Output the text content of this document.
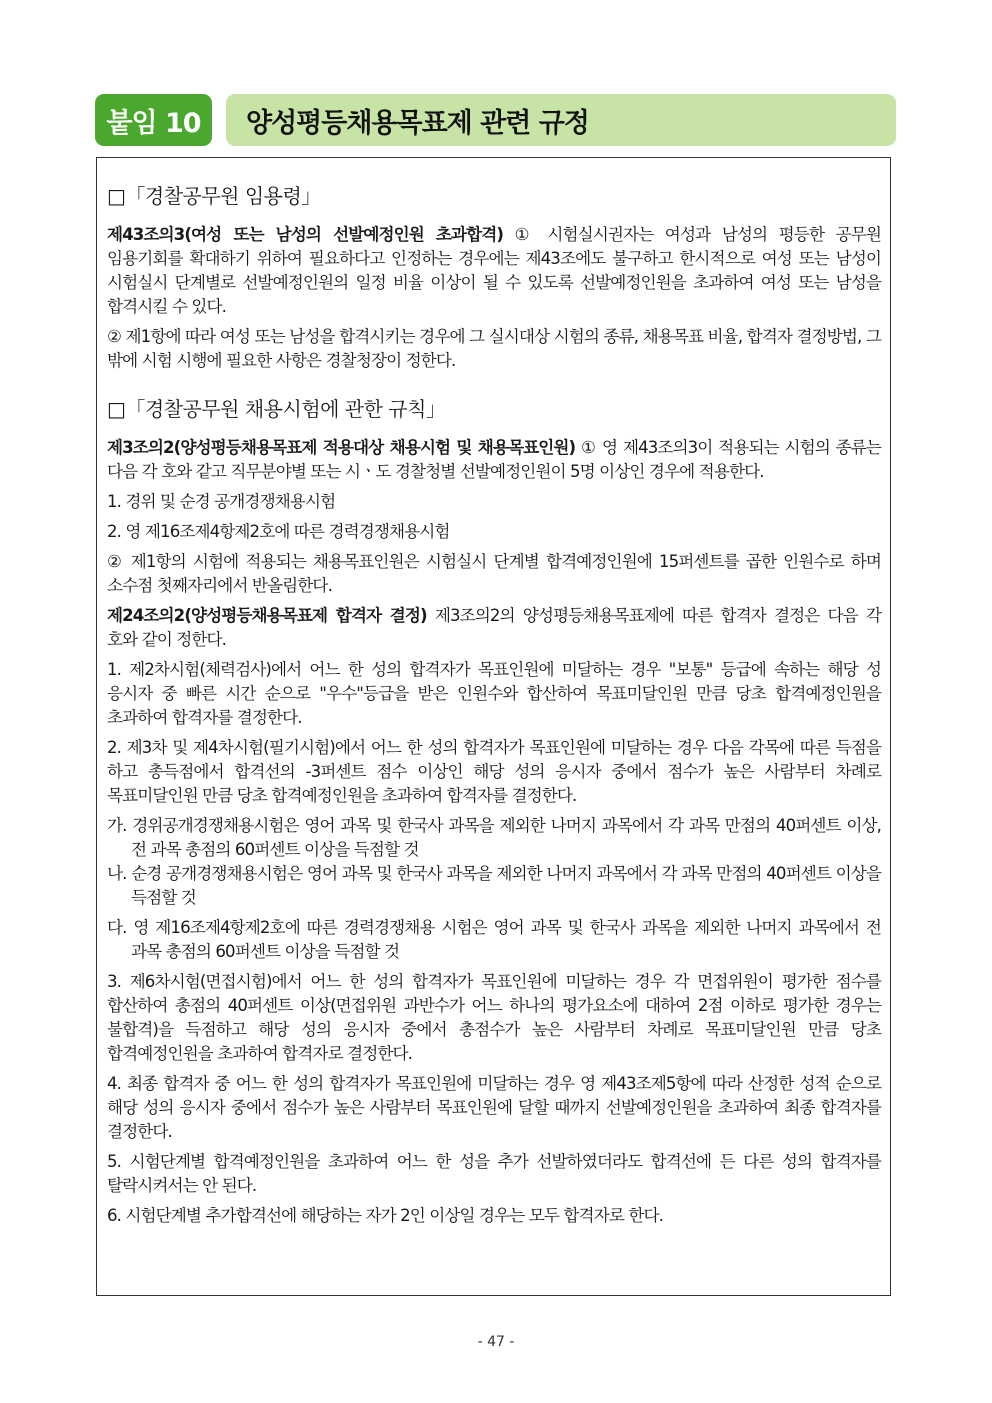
붙임 10	양성평등채용목표제 관련 규정
□「경찰공무원 임용령」

제43조의3(여성 또는 남성의 선발예정인원 초과합격) ① 시험실시권자는 여성과 남성의 평등한 공무원 임용기회를 확대하기 위하여 필요하다고 인정하는 경우에는 제43조에도 불구하고 한시적으로 여성 또는 남성이 시험실시 단계별로 선발예정인원의 일정 비율 이상이 될 수 있도록 선발예정인원을 초과하여 여성 또는 남성을 합격시킬 수 있다.

② 제1항에 따라 여성 또는 남성을 합격시키는 경우에 그 실시대상 시험의 종류, 채용목표 비율, 합격자 결정방법, 그 밖에 시험 시행에 필요한 사항은 경찰청장이 정한다.

□「경찰공무원 채용시험에 관한 규칙」

제3조의2(양성평등채용목표제 적용대상 채용시험 및 채용목표인원) ① 영 제43조의3이 적용되는 시험의 종류는 다음 각 호와 같고 직무분야별 또는 시ㆍ도 경찰청별 선발예정인원이 5명 이상인 경우에 적용한다.

1. 경위 및 순경 공개경쟁채용시험

2. 영 제16조제4항제2호에 따른 경력경쟁채용시험

② 제1항의 시험에 적용되는 채용목표인원은 시험실시 단계별 합격예정인원에 15퍼센트를 곱한 인원수로 하며 소수점 첫째자리에서 반올림한다.

제24조의2(양성평등채용목표제 합격자 결정) 제3조의2의 양성평등채용목표제에 따른 합격자 결정은 다음 각 호와 같이 정한다.

1. 제2차시험(체력검사)에서 어느 한 성의 합격자가 목표인원에 미달하는 경우 "보통" 등급에 속하는 해당 성 응시자 중 빠른 시간 순으로 "우수"등급을 받은 인원수와 합산하여 목표미달인원 만큼 당초 합격예정인원을 초과하여 합격자를 결정한다.

2. 제3차 및 제4차시험(필기시험)에서 어느 한 성의 합격자가 목표인원에 미달하는 경우 다음 각목에 따른 득점을 하고 총득점에서 합격선의 -3퍼센트 점수 이상인 해당 성의 응시자 중에서 점수가 높은 사람부터 차례로 목표미달인원 만큼 당초 합격예정인원을 초과하여 합격자를 결정한다.

가. 경위공개경쟁채용시험은 영어 과목 및 한국사 과목을 제외한 나머지 과목에서 각 과목 만점의 40퍼센트 이상, 전 과목 총점의 60퍼센트 이상을 득점할 것

나. 순경 공개경쟁채용시험은 영어 과목 및 한국사 과목을 제외한 나머지 과목에서 각 과목 만점의 40퍼센트 이상을 득점할 것

다. 영 제16조제4항제2호에 따른 경력경쟁채용 시험은 영어 과목 및 한국사 과목을 제외한 나머지 과목에서 전 과목 총점의 60퍼센트 이상을 득점할 것

3. 제6차시험(면접시험)에서 어느 한 성의 합격자가 목표인원에 미달하는 경우 각 면접위원이 평가한 점수를 합산하여 총점의 40퍼센트 이상(면접위원 과반수가 어느 하나의 평가요소에 대하여 2점 이하로 평가한 경우는 불합격)을 득점하고 해당 성의 응시자 중에서 총점수가 높은 사람부터 차례로 목표미달인원 만큼 당초 합격예정인원을 초과하여 합격자로 결정한다.

4. 최종 합격자 중 어느 한 성의 합격자가 목표인원에 미달하는 경우 영 제43조제5항에 따라 산정한 성적 순으로 해당 성의 응시자 중에서 점수가 높은 사람부터 목표인원에 달할 때까지 선발예정인원을 초과하여 최종 합격자를 결정한다.

5. 시험단계별 합격예정인원을 초과하여 어느 한 성을 추가 선발하였더라도 합격선에 든 다른 성의 합격자를 탈락시켜서는 안 된다.

6. 시험단계별 추가합격선에 해당하는 자가 2인 이상일 경우는 모두 합격자로 한다.

- 47 -
